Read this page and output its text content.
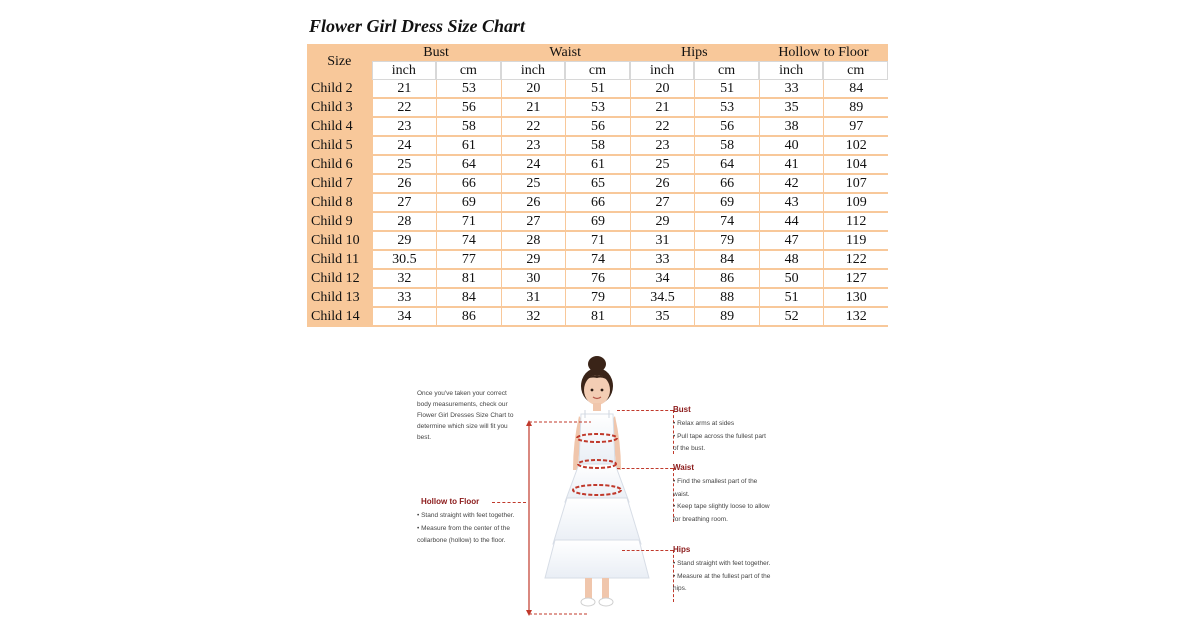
Flower Girl Dress Size Chart
Size	Bust		Waist		Hips		Hollow to Floor	
	inch	cm	inch	cm	inch	cm	inch	cm
Child 2	21	53	20	51	20	51	33	84
Child 3	22	56	21	53	21	53	35	89
Child 4	23	58	22	56	22	56	38	97
Child 5	24	61	23	58	23	58	40	102
Child 6	25	64	24	61	25	64	41	104
Child 7	26	66	25	65	26	66	42	107
Child 8	27	69	26	66	27	69	43	109
Child 9	28	71	27	69	29	74	44	112
Child 10	29	74	28	71	31	79	47	119
Child 11	30.5	77	29	74	33	84	48	122
Child 12	32	81	30	76	34	86	50	127
Child 13	33	84	31	79	34.5	88	51	130
Child 14	34	86	32	81	35	89	52	132
Once you've taken your correct body measurements, check our Flower Girl Dresses Size Chart to determine which size will fit you best.
Bust
• Relax arms at sides
• Pull tape across the fullest part of the bust.
Waist
• Find the smallest part of the waist.
• Keep tape slightly loose to allow for breathing room.
Hips
• Stand straight with feet together.
• Measure at the fullest part of the hips.
Hollow to Floor
• Stand straight with feet together.
• Measure from the center of the collarbone (hollow) to the floor.
